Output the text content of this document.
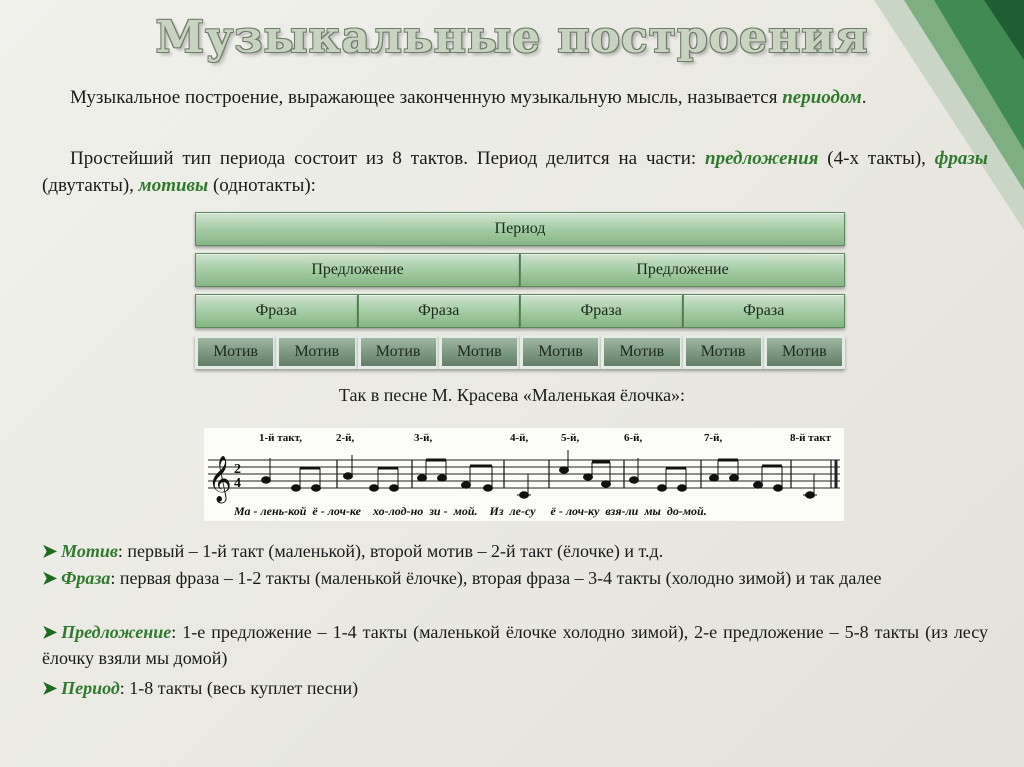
Музыкальные построения
Музыкальное построение, выражающее законченную музыкальную мысль, называется периодом.
Простейший тип периода состоит из 8 тактов. Период делится на части: предложения (4-х такты), фразы (двутакты), мотивы (однотакты):
Период
Предложение	Предложение
Фраза	Фраза	Фраза	Фраза
Мотив	Мотив	Мотив	Мотив	Мотив	Мотив	Мотив	Мотив
Так в песне М. Красева «Маленькая ёлочка»:
1-й такт,	2-й,	3-й,	4-й,	5-й,	6-й,	7-й,	8-й такт
𝄞 2
4
Ма - лень-кой  ё - лоч-ке    хо-лод-но  зи -  мой.    Из  ле-су     ё - лоч-ку  взя-ли  мы  до-мой.
➤ Мотив: первый – 1-й такт (маленькой), второй мотив – 2-й такт (ёлочке) и т.д.
➤ Фраза: первая фраза – 1-2 такты (маленькой ёлочке), вторая фраза – 3-4 такты (холодно зимой) и так далее
➤ Предложение: 1-е предложение – 1-4 такты (маленькой ёлочке холодно зимой), 2-е предложение – 5-8 такты (из лесу ёлочку взяли мы домой)
➤ Период: 1-8 такты (весь куплет песни)
